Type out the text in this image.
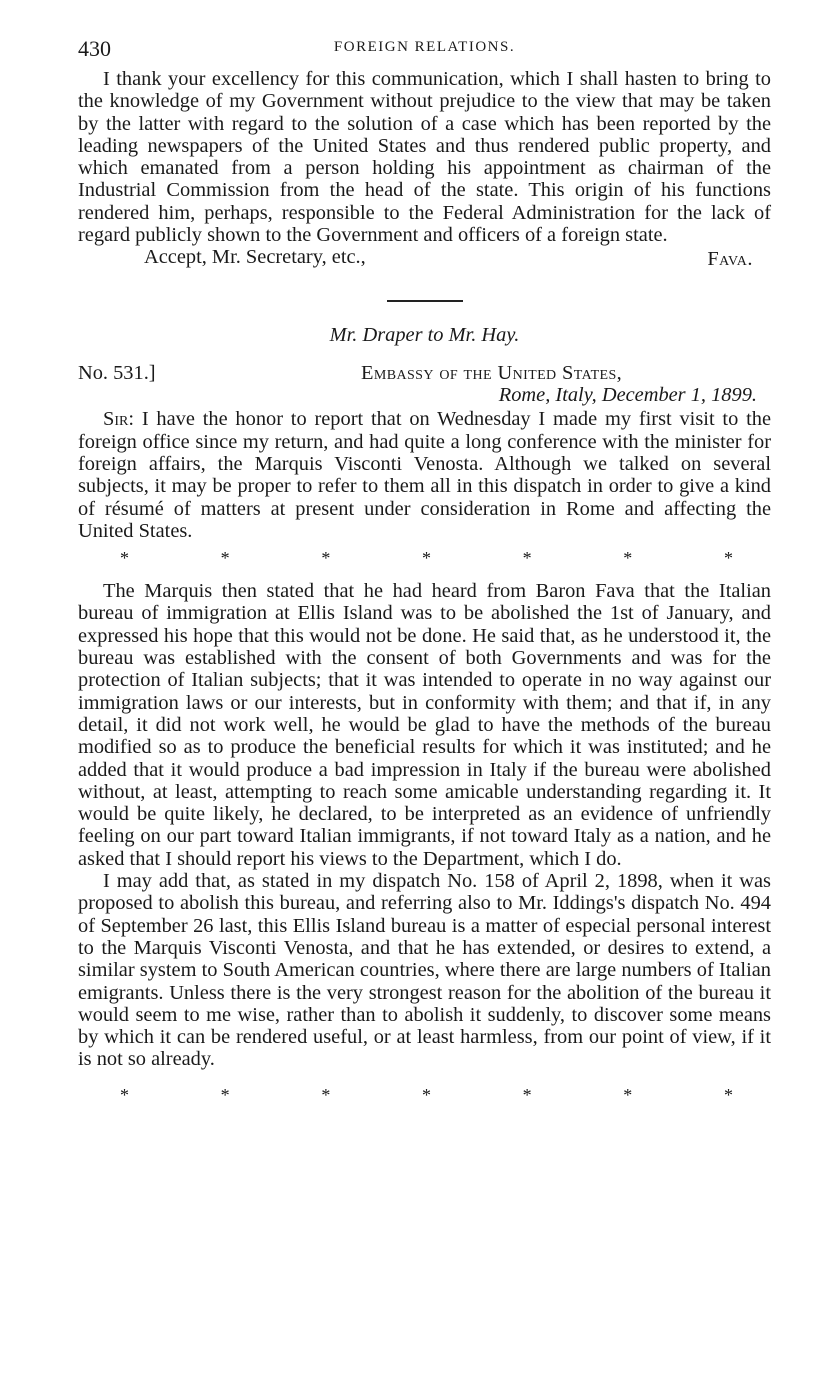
430	FOREIGN RELATIONS.

I thank your excellency for this communication, which I shall hasten to bring to the knowledge of my Government without prejudice to the view that may be taken by the latter with regard to the solution of a case which has been reported by the leading newspapers of the United States and thus rendered public property, and which emanated from a person holding his appointment as chairman of the Industrial Commission from the head of the state. This origin of his functions rendered him, perhaps, responsible to the Federal Administration for the lack of regard publicly shown to the Government and officers of a foreign state.

Accept, Mr. Secretary, etc.,	Fava.
Mr. Draper to Mr. Hay.
No. 531.]	Embassy of the United States,
Rome, Italy, December 1, 1899.

Sir: I have the honor to report that on Wednesday I made my first visit to the foreign office since my return, and had quite a long conference with the minister for foreign affairs, the Marquis Visconti Venosta. Although we talked on several subjects, it may be proper to refer to them all in this dispatch in order to give a kind of résumé of matters at present under consideration in Rome and affecting the United States.

*	*	*	*	*	*	*

The Marquis then stated that he had heard from Baron Fava that the Italian bureau of immigration at Ellis Island was to be abolished the 1st of January, and expressed his hope that this would not be done. He said that, as he understood it, the bureau was established with the consent of both Governments and was for the protection of Italian subjects; that it was intended to operate in no way against our immigration laws or our interests, but in conformity with them; and that if, in any detail, it did not work well, he would be glad to have the methods of the bureau modified so as to produce the beneficial results for which it was instituted; and he added that it would produce a bad impression in Italy if the bureau were abolished without, at least, attempting to reach some amicable understanding regarding it. It would be quite likely, he declared, to be interpreted as an evidence of unfriendly feeling on our part toward Italian immigrants, if not toward Italy as a nation, and he asked that I should report his views to the Department, which I do.

I may add that, as stated in my dispatch No. 158 of April 2, 1898, when it was proposed to abolish this bureau, and referring also to Mr. Iddings's dispatch No. 494 of September 26 last, this Ellis Island bureau is a matter of especial personal interest to the Marquis Visconti Venosta, and that he has extended, or desires to extend, a similar system to South American countries, where there are large numbers of Italian emigrants. Unless there is the very strongest reason for the abolition of the bureau it would seem to me wise, rather than to abolish it suddenly, to discover some means by which it can be rendered useful, or at least harmless, from our point of view, if it is not so already.

*	*	*	*	*	*	*
